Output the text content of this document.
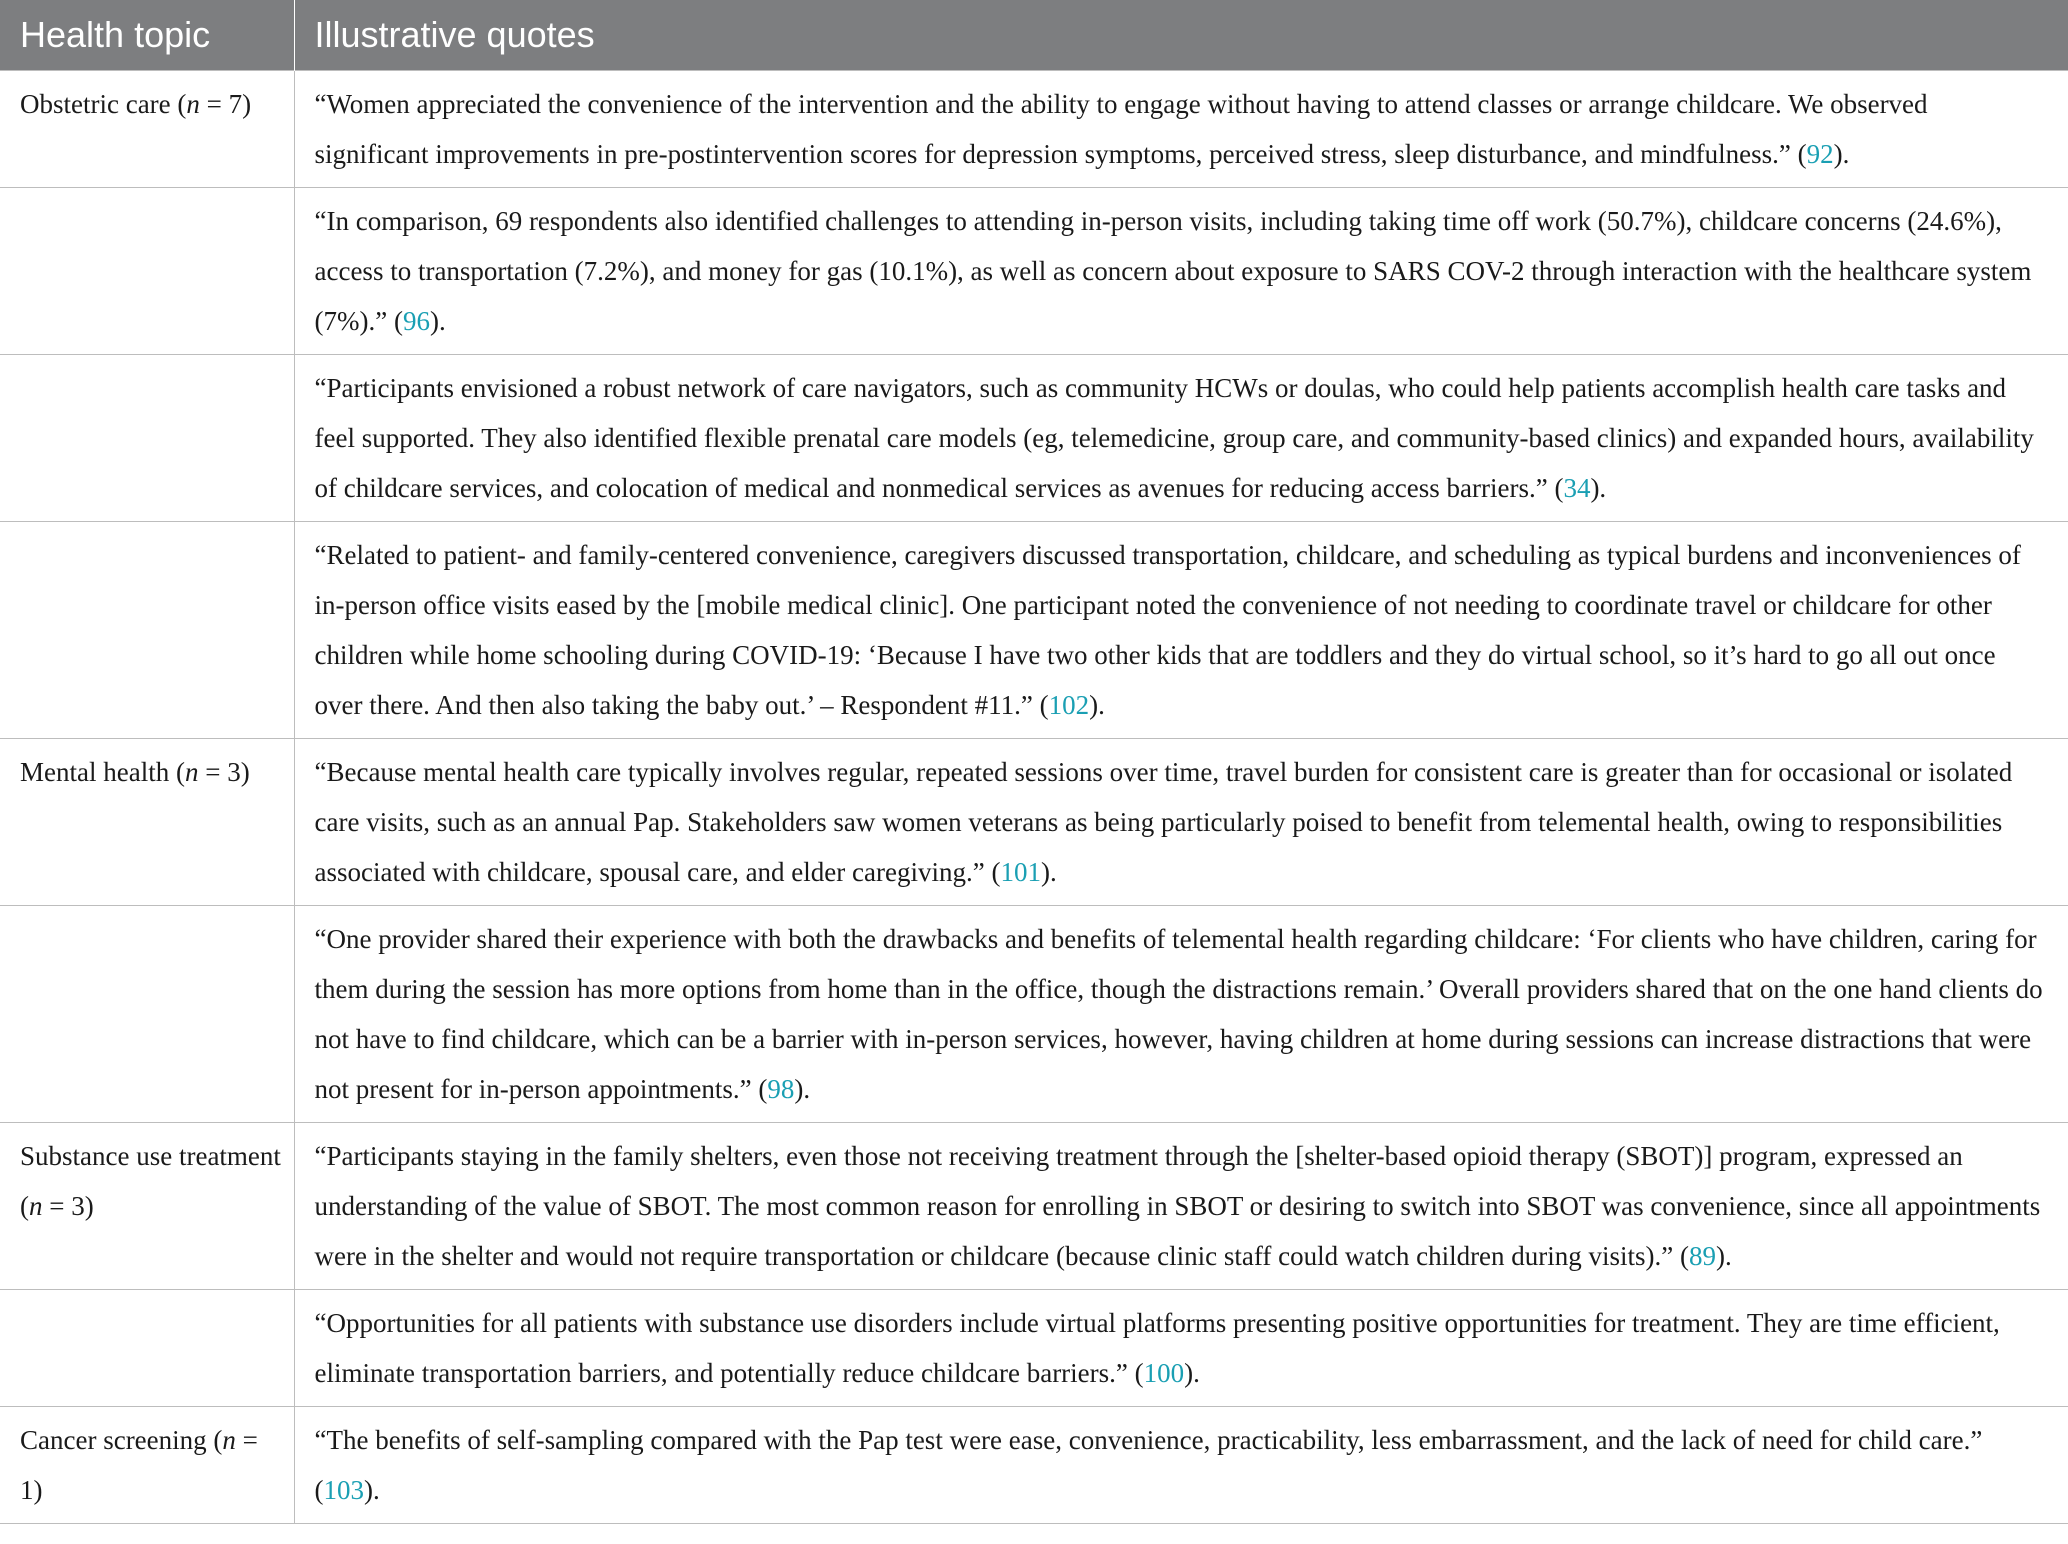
Health topic	Illustrative quotes
Obstetric care (n = 7)	“Women appreciated the convenience of the intervention and the ability to engage without having to attend classes or arrange childcare. We observed significant improvements in pre-postintervention scores for depression symptoms, perceived stress, sleep disturbance, and mindfulness.” (92).
	“In comparison, 69 respondents also identified challenges to attending in-person visits, including taking time off work (50.7%), childcare concerns (24.6%), access to transportation (7.2%), and money for gas (10.1%), as well as concern about exposure to SARS COV-2 through interaction with the healthcare system (7%).” (96).
	“Participants envisioned a robust network of care navigators, such as community HCWs or doulas, who could help patients accomplish health care tasks and feel supported. They also identified flexible prenatal care models (eg, telemedicine, group care, and community-based clinics) and expanded hours, availability of childcare services, and colocation of medical and nonmedical services as avenues for reducing access barriers.” (34).
	“Related to patient- and family-centered convenience, caregivers discussed transportation, childcare, and scheduling as typical burdens and inconveniences of in-person office visits eased by the [mobile medical clinic]. One participant noted the convenience of not needing to coordinate travel or childcare for other children while home schooling during COVID-19: ‘Because I have two other kids that are toddlers and they do virtual school, so it’s hard to go all out once over there. And then also taking the baby out.’ – Respondent #11.” (102).
Mental health (n = 3)	“Because mental health care typically involves regular, repeated sessions over time, travel burden for consistent care is greater than for occasional or isolated care visits, such as an annual Pap. Stakeholders saw women veterans as being particularly poised to benefit from telemental health, owing to responsibilities associated with childcare, spousal care, and elder caregiving.” (101).
	“One provider shared their experience with both the drawbacks and benefits of telemental health regarding childcare: ‘For clients who have children, caring for them during the session has more options from home than in the office, though the distractions remain.’ Overall providers shared that on the one hand clients do not have to find childcare, which can be a barrier with in-person services, however, having children at home during sessions can increase distractions that were not present for in-person appointments.” (98).
Substance use treatment (n = 3)	“Participants staying in the family shelters, even those not receiving treatment through the [shelter-based opioid therapy (SBOT)] program, expressed an understanding of the value of SBOT. The most common reason for enrolling in SBOT or desiring to switch into SBOT was convenience, since all appointments were in the shelter and would not require transportation or childcare (because clinic staff could watch children during visits).” (89).
	“Opportunities for all patients with substance use disorders include virtual platforms presenting positive opportunities for treatment. They are time efficient, eliminate transportation barriers, and potentially reduce childcare barriers.” (100).
Cancer screening (n = 1)	“The benefits of self-sampling compared with the Pap test were ease, convenience, practicability, less embarrassment, and the lack of need for child care.” (103).
